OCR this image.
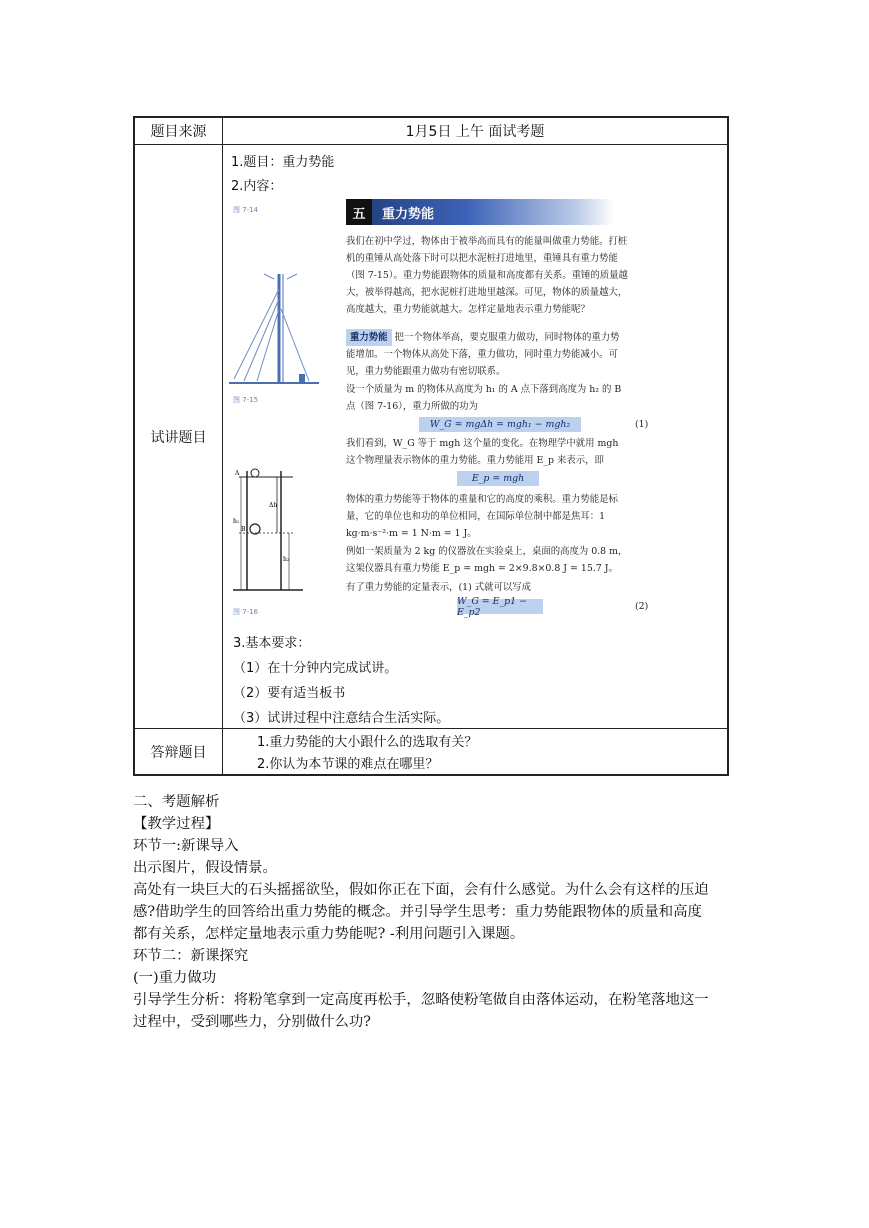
题目来源	1月5日 上午 面试考题
试讲题目
1.题目：重力势能
2.内容：
图 7-14	五	重力势能
图 7-15
A
B
Δh
h₁
h₂
图 7-16
我们在初中学过，物体由于被举高而具有的能量叫做重力势能。打桩机的重锤从高处落下时可以把水泥桩打进地里，重锤具有重力势能（图 7-15）。重力势能跟物体的质量和高度都有关系。重锤的质量越大，被举得越高，把水泥桩打进地里越深。可见，物体的质量越大，高度越大，重力势能就越大。怎样定量地表示重力势能呢？
重力势能 把一个物体举高，要克服重力做功，同时物体的重力势能增加。一个物体从高处下落，重力做功，同时重力势能减小。可见，重力势能跟重力做功有密切联系。
设一个质量为 m 的物体从高度为 h₁ 的 A 点下落到高度为 h₂ 的 B 点（图 7-16），重力所做的功为
W_G = mgΔh = mgh₁ − mgh₂	(1)
我们看到，W_G 等于 mgh 这个量的变化。在物理学中就用 mgh 这个物理量表示物体的重力势能。重力势能用 E_p 来表示，即
E_p = mgh
物体的重力势能等于物体的重量和它的高度的乘积。重力势能是标量，它的单位也和功的单位相同，在国际单位制中都是焦耳：1 kg·m·s⁻²·m = 1 N·m = 1 J。
例如一架质量为 2 kg 的仪器放在实验桌上，桌面的高度为 0.8 m，这架仪器具有重力势能 E_p = mgh = 2×9.8×0.8 J = 15.7 J。
有了重力势能的定量表示，(1) 式就可以写成
W_G = E_p1 − E_p2	(2)
3.基本要求：
（1）在十分钟内完成试讲。
（2）要有适当板书
（3）试讲过程中注意结合生活实际。
答辩题目
1.重力势能的大小跟什么的选取有关？
2.你认为本节课的难点在哪里？
二、考题解析
【教学过程】
环节一:新课导入
出示图片，假设情景。
高处有一块巨大的石头摇摇欲坠，假如你正在下面，会有什么感觉。为什么会有这样的压迫
感?借助学生的回答给出重力势能的概念。并引导学生思考：重力势能跟物体的质量和高度
都有关系，怎样定量地表示重力势能呢? -利用问题引入课题。
环节二：新课探究
(一)重力做功
引导学生分析：将粉笔拿到一定高度再松手，忽略使粉笔做自由落体运动，在粉笔落地这一
过程中，受到哪些力，分别做什么功?
